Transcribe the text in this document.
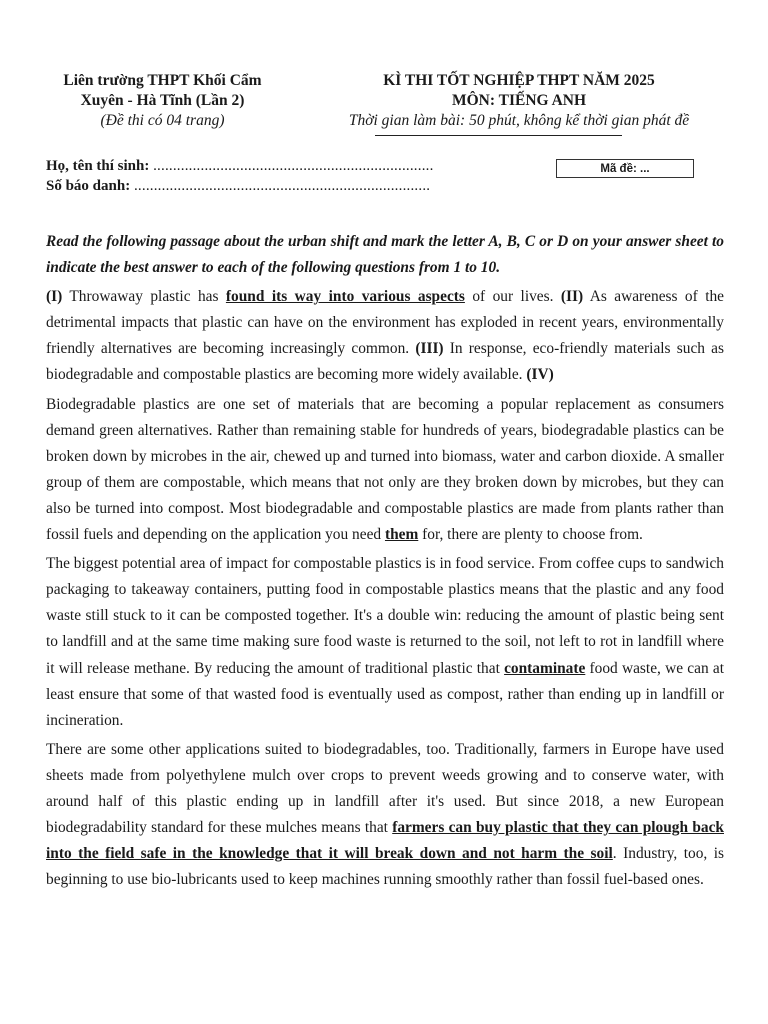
Liên trường THPT Khối Cẩm
Xuyên - Hà Tĩnh (Lần 2)
(Đề thi có 04 trang)
KÌ THI TỐT NGHIỆP THPT NĂM 2025
MÔN: TIẾNG ANH
Thời gian làm bài: 50 phút, không kể thời gian phát đề
Họ, tên thí sinh: .......................................................................
Số báo danh: ...........................................................................
Mã đề: ...

Read the following passage about the urban shift and mark the letter A, B, C or D on your answer sheet to indicate the best answer to each of the following questions from 1 to 10.

(I) Throwaway plastic has found its way into various aspects of our lives. (II) As awareness of the detrimental impacts that plastic can have on the environment has exploded in recent years, environmentally friendly alternatives are becoming increasingly common. (III) In response, eco-friendly materials such as biodegradable and compostable plastics are becoming more widely available. (IV)

Biodegradable plastics are one set of materials that are becoming a popular replacement as consumers demand green alternatives. Rather than remaining stable for hundreds of years, biodegradable plastics can be broken down by microbes in the air, chewed up and turned into biomass, water and carbon dioxide. A smaller group of them are compostable, which means that not only are they broken down by microbes, but they can also be turned into compost. Most biodegradable and compostable plastics are made from plants rather than fossil fuels and depending on the application you need them for, there are plenty to choose from.

The biggest potential area of impact for compostable plastics is in food service. From coffee cups to sandwich packaging to takeaway containers, putting food in compostable plastics means that the plastic and any food waste still stuck to it can be composted together. It's a double win: reducing the amount of plastic being sent to landfill and at the same time making sure food waste is returned to the soil, not left to rot in landfill where it will release methane. By reducing the amount of traditional plastic that contaminate food waste, we can at least ensure that some of that wasted food is eventually used as compost, rather than ending up in landfill or incineration.

There are some other applications suited to biodegradables, too. Traditionally, farmers in Europe have used sheets made from polyethylene mulch over crops to prevent weeds growing and to conserve water, with around half of this plastic ending up in landfill after it's used. But since 2018, a new European biodegradability standard for these mulches means that farmers can buy plastic that they can plough back into the field safe in the knowledge that it will break down and not harm the soil. Industry, too, is beginning to use bio-lubricants used to keep machines running smoothly rather than fossil fuel-based ones.
